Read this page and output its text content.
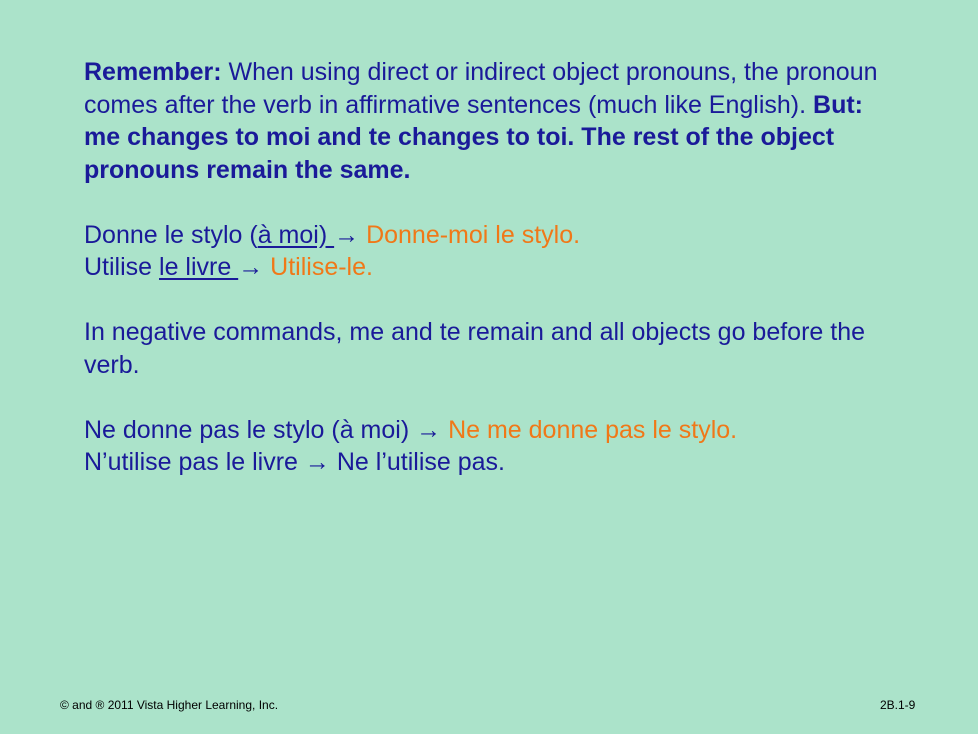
Remember: When using direct or indirect object pronouns, the pronoun comes after the verb in affirmative sentences (much like English). But: me changes to moi and te changes to toi. The rest of the object pronouns remain the same.

Donne le stylo (à moi) → Donne-moi le stylo.

Utilise le livre → Utilise-le.

In negative commands, me and te remain and all objects go before the verb.

Ne donne pas le stylo (à moi) → Ne me donne pas le stylo.

N’utilise pas le livre → Ne l’utilise pas.

© and ® 2011 Vista Higher Learning, Inc.	2B.1-9
